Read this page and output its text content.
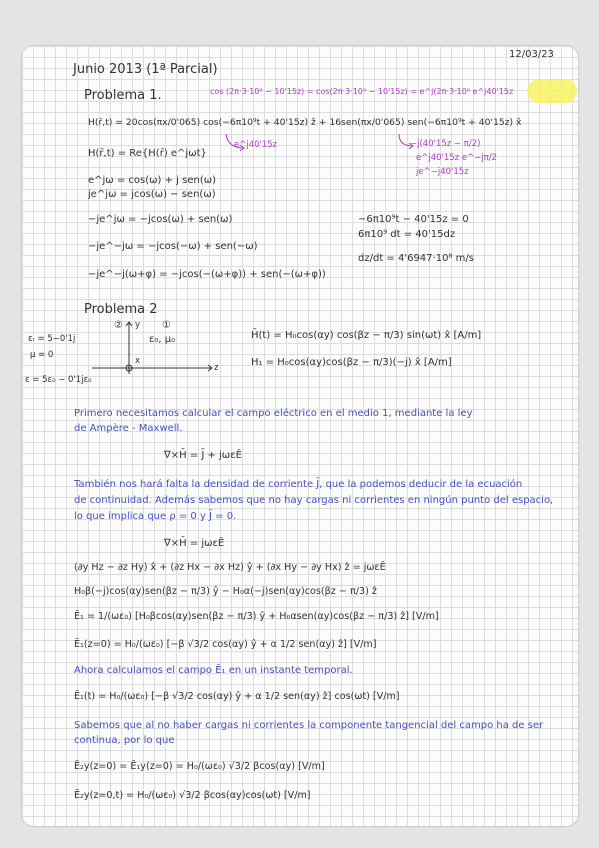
Junio 2013 (1ª Parcial)
12/03/23
Problema 1.	cos (2π·3·10⁹ − 10'15z) = cos(2π·3·10⁹ − 10'15z) = e^j(2π·3·10⁹ e^j40'15z
H(r̄,t) = 20cos(πx/0'065) cos(−6π10⁹t + 40'15z) ẑ + 16sen(πx/0'065) sen(−6π10⁹t + 40'15z) x̂
e^j40'15z	−j(40'15z − π/2)
e^j40'15z e^−jπ/2
je^−j40'15z
H(r̄,t) = Re{H(r̄) e^jωt}
e^jω = cos(ω) + j sen(ω)
je^jω = jcos(ω) − sen(ω)
−je^jω = −jcos(ω) + sen(ω)
−je^−jω = −jcos(−ω) + sen(−ω)
−je^−j(ω+φ) = −jcos(−(ω+φ)) + sen(−(ω+φ))
−6π10⁹t − 40'15z = 0
6π10⁹ dt = 40'15dz
dz/dt = 4'6947·10⁸ m/s
Problema 2
②	①
y
x
z
ε₀, μ₀
εᵣ = 5−0'1j
μ = 0
ε = 5ε₀ − 0'1jε₀
H̄(t) = H₀cos(αy) cos(βz − π/3) sin(ωt) x̂ [A/m]
H₁ = H₀cos(αy)cos(βz − π/3)(−j) x̂ [A/m]
Primero necesitamos calcular el campo eléctrico en el medio 1, mediante la ley
de Ampère - Maxwell.
∇×H̄ = J̄ + jωεĒ
También nos hará falta la densidad de corriente J̄, que la podemos deducir de la ecuación
de continuidad. Además sabemos que no hay cargas ni corrientes en ningún punto del espacio,
lo que implica que ρ = 0 y J̄ = 0.
∇×H̄ = jωεĒ
(∂y Hz − ∂z Hy) x̂ + (∂z Hx − ∂x Hz) ŷ + (∂x Hy − ∂y Hx) ẑ = jωεĒ
H₀β(−j)cos(αy)sen(βz − π/3) ŷ − H₀α(−j)sen(αy)cos(βz − π/3) ẑ
Ē₁ = 1/(ωε₀) [H₀βcos(αy)sen(βz − π/3) ŷ + H₀αsen(αy)cos(βz − π/3) ẑ] [V/m]
Ē₁(z=0) = H₀/(ωε₀) [−β √3/2 cos(αy) ŷ + α 1/2 sen(αy) ẑ] [V/m]
Ahora calculamos el campo Ē₁ en un instante temporal.
Ē₁(t) = H₀/(ωε₀) [−β √3/2 cos(αy) ŷ + α 1/2 sen(αy) ẑ] cos(ωt) [V/m]
Sabemos que al no haber cargas ni corrientes la componente tangencial del campo ha de ser
continua, por lo que
Ē₂y(z=0) = Ē₁y(z=0) = H₀/(ωε₀) √3/2 βcos(αy) [V/m]
Ē₂y(z=0,t) = H₀/(ωε₀) √3/2 βcos(αy)cos(ωt) [V/m]
